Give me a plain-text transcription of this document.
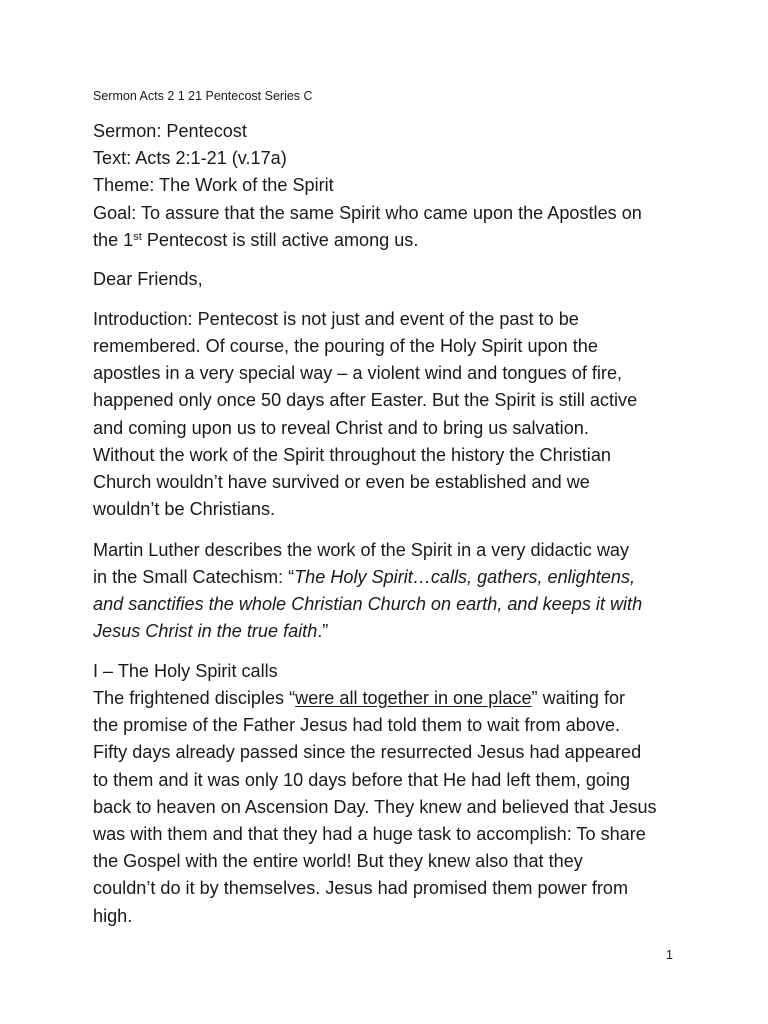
Sermon Acts 2 1 21 Pentecost Series C
Sermon: Pentecost
Text: Acts 2:1-21 (v.17a)
Theme: The Work of the Spirit
Goal: To assure that the same Spirit who came upon the Apostles on
the 1st Pentecost is still active among us.
Dear Friends,
Introduction: Pentecost is not just and event of the past to be
remembered. Of course, the pouring of the Holy Spirit upon the
apostles in a very special way – a violent wind and tongues of fire,
happened only once 50 days after Easter. But the Spirit is still active
and coming upon us to reveal Christ and to bring us salvation.
Without the work of the Spirit throughout the history the Christian
Church wouldn’t have survived or even be established and we
wouldn’t be Christians.
Martin Luther describes the work of the Spirit in a very didactic way
in the Small Catechism: “The Holy Spirit…calls, gathers, enlightens,
and sanctifies the whole Christian Church on earth, and keeps it with
Jesus Christ in the true faith.”
I – The Holy Spirit calls
The frightened disciples “were all together in one place” waiting for
the promise of the Father Jesus had told them to wait from above.
Fifty days already passed since the resurrected Jesus had appeared
to them and it was only 10 days before that He had left them, going
back to heaven on Ascension Day. They knew and believed that Jesus
was with them and that they had a huge task to accomplish: To share
the Gospel with the entire world! But they knew also that they
couldn’t do it by themselves. Jesus had promised them power from
high.
1
